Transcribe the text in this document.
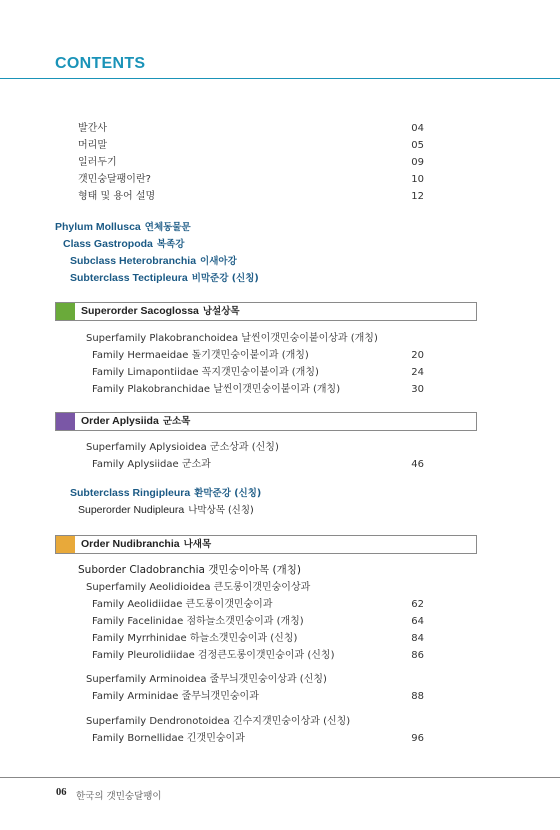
CONTENTS
발간사	04
머리말	05
일러두기	09
갯민숭달팽이란?	10
형태 및 용어 설명	12
Phylum Mollusca 연체동물문
Class Gastropoda 복족강
Subclass Heterobranchia 이새아강
Subterclass Tectipleura 비막준강 (신칭)
Superorder Sacoglossa 낭설상목
Superfamily Plakobranchoidea 날씬이갯민숭이붙이상과 (개칭)
Family Hermaeidae 돌기갯민숭이붙이과 (개칭)	20
Family Limapontiidae 꼭지갯민숭이붙이과 (개칭)	24
Family Plakobranchidae 날씬이갯민숭이붙이과 (개칭)	30
Order Aplysiida 군소목
Superfamily Aplysioidea 군소상과 (신칭)
Family Aplysiidae 군소과	46
Subterclass Ringipleura 환막준강 (신칭)
Superorder Nudipleura 나막상목 (신칭)
Order Nudibranchia 나새목
Suborder Cladobranchia 갯민숭이아목 (개칭)
Superfamily Aeolidioidea 큰도롱이갯민숭이상과
Family Aeolidiidae 큰도롱이갯민숭이과	62
Family Facelinidae 점하늘소갯민숭이과 (개칭)	64
Family Myrrhinidae 하늘소갯민숭이과 (신칭)	84
Family Pleurolidiidae 검정큰도롱이갯민숭이과 (신칭)	86
Superfamily Arminoidea 줄무늬갯민숭이상과 (신칭)
Family Arminidae 줄무늬갯민숭이과	88
Superfamily Dendronotoidea 긴수지갯민숭이상과 (신칭)
Family Bornellidae 긴갯민숭이과	96
06 한국의 갯민숭달팽이
